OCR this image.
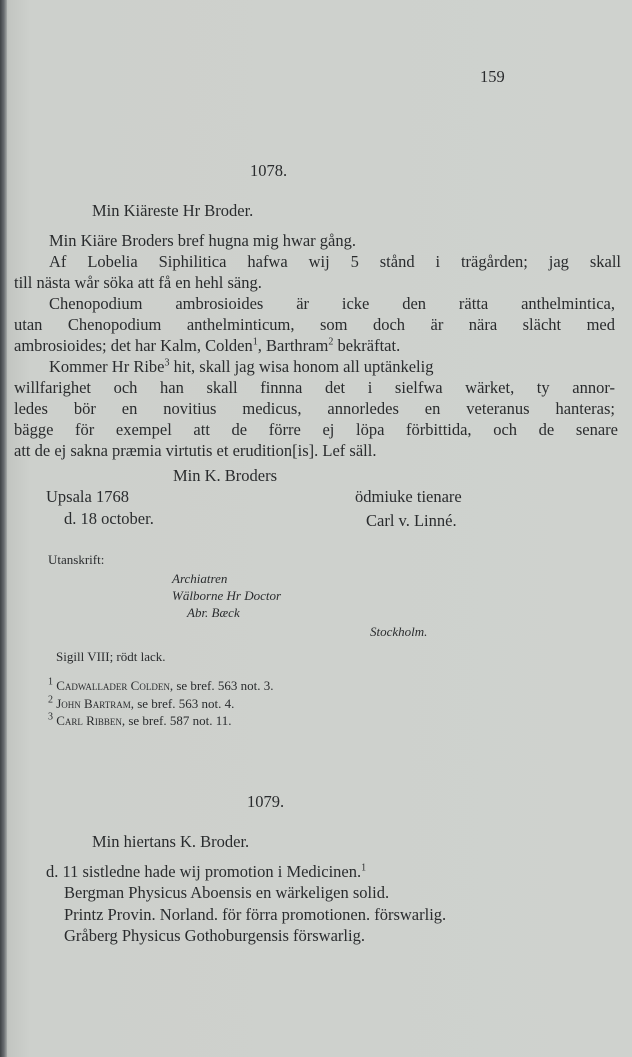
159
1078.
Min Kiäreste Hr Broder.
Min Kiäre Broders bref hugna mig hwar gång.
Af Lobelia Siphilitica hafwa wij 5 stånd i trägården; jag skall
till nästa wår söka att få en hehl säng.
Chenopodium ambrosioides är icke den rätta anthelmintica,
utan Chenopodium anthelminticum, som doch är nära slächt med
ambrosioides; det har Kalm, Colden$^1$, Barthram$^2$ bekräftat.
Kommer Hr Ribe$^3$ hit, skall jag wisa honom all uptänkelig
willfarighet och han skall finnna det i sielfwa wärket, ty annor-
ledes bör en novitius medicus, annorledes en veteranus hanteras;
bägge för exempel att de förre ej löpa förbittida, och de senare
att de ej sakna præmia virtutis et erudition[is]. Lef säll.
Min K. Broders
Upsala 1768	ödmiuke tienare
d. 18 october.	Carl v. Linné.
Utanskrift:
Archiatren
Wälborne Hr Doctor
Abr. Bæck
Stockholm.
Sigill VIII; rödt lack.
$^1$ Cadwallader Colden, se bref. 563 not. 3.
$^2$ John Bartram, se bref. 563 not. 4.
$^3$ Carl Ribben, se bref. 587 not. 11.
1079.
Min hiertans K. Broder.
d. 11 sistledne hade wij promotion i Medicinen.$^1$
Bergman Physicus Aboensis en wärkeligen solid.
Printz Provin. Norland. för förra promotionen. förswarlig.
Gråberg Physicus Gothoburgensis förswarlig.
